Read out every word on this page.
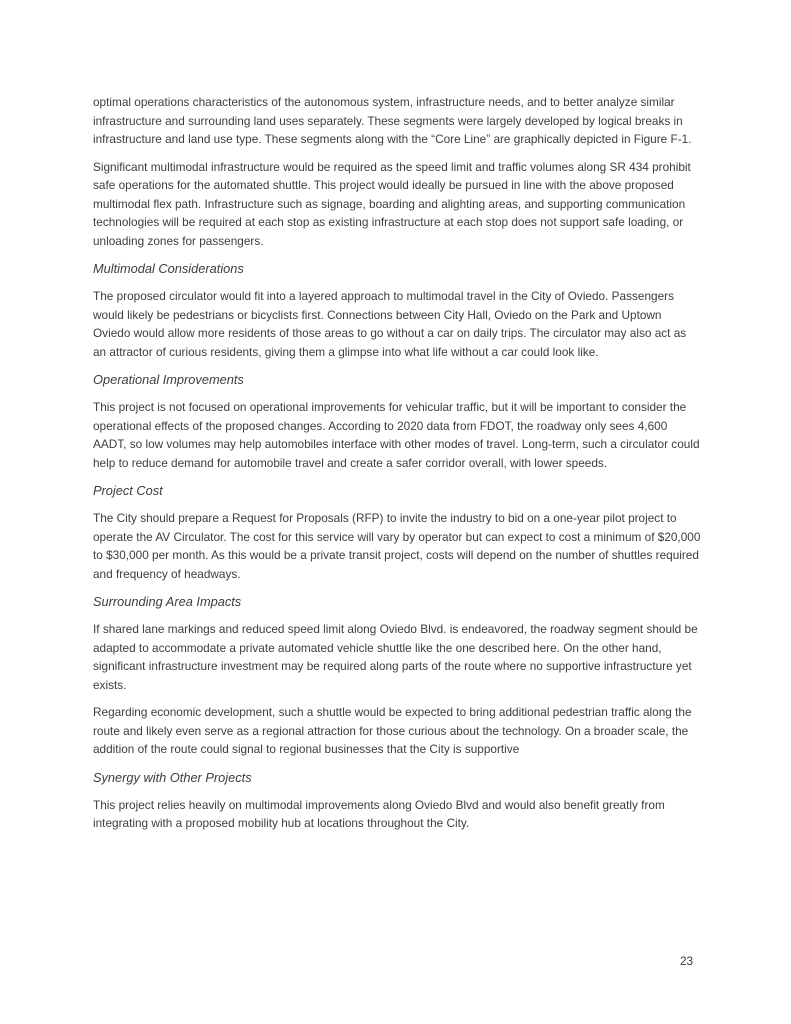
optimal operations characteristics of the autonomous system, infrastructure needs, and to better analyze similar infrastructure and surrounding land uses separately. These segments were largely developed by logical breaks in infrastructure and land use type. These segments along with the “Core Line” are graphically depicted in Figure F-1.

Significant multimodal infrastructure would be required as the speed limit and traffic volumes along SR 434 prohibit safe operations for the automated shuttle. This project would ideally be pursued in line with the above proposed multimodal flex path. Infrastructure such as signage, boarding and alighting areas, and supporting communication technologies will be required at each stop as existing infrastructure at each stop does not support safe loading, or unloading zones for passengers.

Multimodal Considerations

The proposed circulator would fit into a layered approach to multimodal travel in the City of Oviedo. Passengers would likely be pedestrians or bicyclists first. Connections between City Hall, Oviedo on the Park and Uptown Oviedo would allow more residents of those areas to go without a car on daily trips. The circulator may also act as an attractor of curious residents, giving them a glimpse into what life without a car could look like.

Operational Improvements

This project is not focused on operational improvements for vehicular traffic, but it will be important to consider the operational effects of the proposed changes. According to 2020 data from FDOT, the roadway only sees 4,600 AADT, so low volumes may help automobiles interface with other modes of travel. Long-term, such a circulator could help to reduce demand for automobile travel and create a safer corridor overall, with lower speeds.

Project Cost

The City should prepare a Request for Proposals (RFP) to invite the industry to bid on a one-year pilot project to operate the AV Circulator. The cost for this service will vary by operator but can expect to cost a minimum of $20,000 to $30,000 per month. As this would be a private transit project, costs will depend on the number of shuttles required and frequency of headways.

Surrounding Area Impacts

If shared lane markings and reduced speed limit along Oviedo Blvd. is endeavored, the roadway segment should be adapted to accommodate a private automated vehicle shuttle like the one described here. On the other hand, significant infrastructure investment may be required along parts of the route where no supportive infrastructure yet exists.

Regarding economic development, such a shuttle would be expected to bring additional pedestrian traffic along the route and likely even serve as a regional attraction for those curious about the technology. On a broader scale, the addition of the route could signal to regional businesses that the City is supportive

Synergy with Other Projects

This project relies heavily on multimodal improvements along Oviedo Blvd and would also benefit greatly from integrating with a proposed mobility hub at locations throughout the City.

23
